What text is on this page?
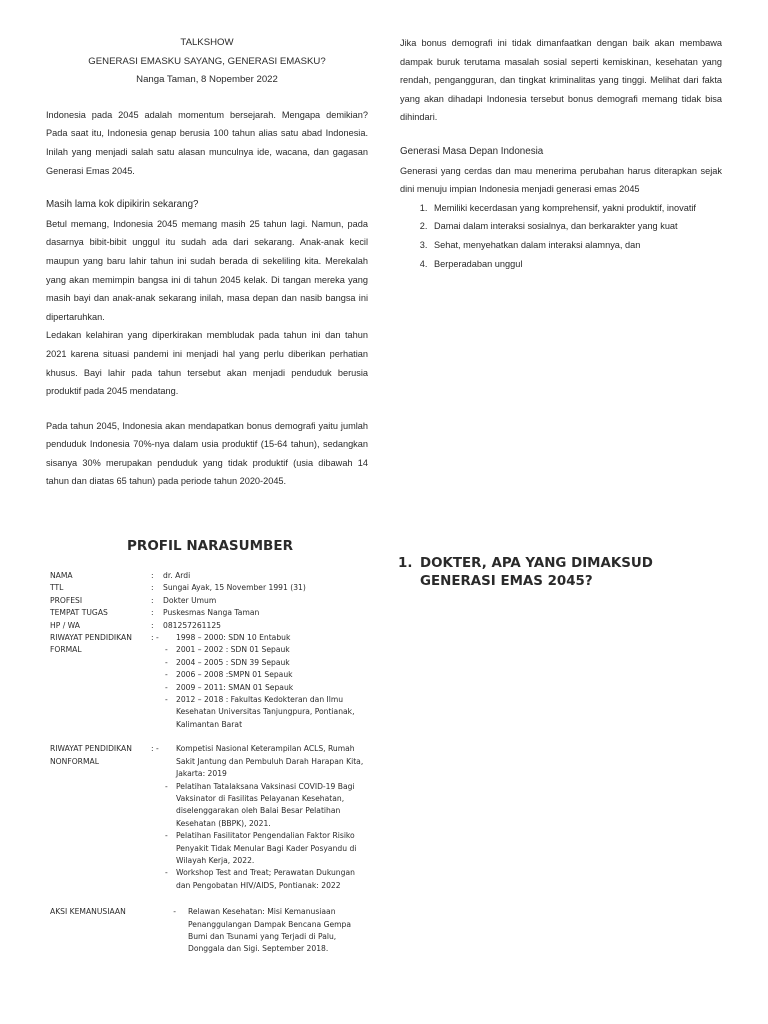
TALKSHOW

GENERASI EMASKU SAYANG, GENERASI EMASKU?

Nanga Taman, 8 Nopember 2022

Indonesia pada 2045 adalah momentum bersejarah. Mengapa demikian? Pada saat itu, Indonesia genap berusia 100 tahun alias satu abad Indonesia. Inilah yang menjadi salah satu alasan munculnya ide, wacana, dan gagasan Generasi Emas 2045.

Masih lama kok dipikirin sekarang?

Betul memang, Indonesia 2045 memang masih 25 tahun lagi. Namun, pada dasarnya bibit-bibit unggul itu sudah ada dari sekarang. Anak-anak kecil maupun yang baru lahir tahun ini sudah berada di sekeliling kita. Merekalah yang akan memimpin bangsa ini di tahun 2045 kelak. Di tangan mereka yang masih bayi dan anak-anak sekarang inilah, masa depan dan nasib bangsa ini dipertaruhkan.

Ledakan kelahiran yang diperkirakan membludak pada tahun ini dan tahun 2021 karena situasi pandemi ini menjadi hal yang perlu diberikan perhatian khusus. Bayi lahir pada tahun tersebut akan menjadi penduduk berusia produktif pada 2045 mendatang.

Pada tahun 2045, Indonesia akan mendapatkan bonus demografi yaitu jumlah penduduk Indonesia 70%-nya dalam usia produktif (15-64 tahun), sedangkan sisanya 30% merupakan penduduk yang tidak produktif (usia dibawah 14 tahun dan diatas 65 tahun) pada periode tahun 2020-2045.

Jika bonus demografi ini tidak dimanfaatkan dengan baik akan membawa dampak buruk terutama masalah sosial seperti kemiskinan, kesehatan yang rendah, pengangguran, dan tingkat kriminalitas yang tinggi. Melihat dari fakta yang akan dihadapi Indonesia tersebut bonus demografi memang tidak bisa dihindari.

Generasi Masa Depan Indonesia

Generasi yang cerdas dan mau menerima perubahan harus diterapkan sejak dini menuju impian Indonesia menjadi generasi emas 2045

1. Memiliki kecerdasan yang komprehensif, yakni produktif, inovatif
2. Damai dalam interaksi sosialnya, dan berkarakter yang kuat
3. Sehat, menyehatkan dalam interaksi alamnya, dan
4. Berperadaban unggul

PROFIL NARASUMBER

NAMA	:	dr. Ardi
TTL	:	Sungai Ayak, 15 November 1991 (31)
PROFESI	:	Dokter Umum
TEMPAT TUGAS	:	Puskesmas Nanga Taman
HP / WA	:	081257261125
RIWAYAT PENDIDIKAN
FORMAL
: -	1998 – 2000: SDN 10 Entabuk
- 2001 – 2002 : SDN 01 Sepauk
- 2004 – 2005 : SDN 39 Sepauk
- 2006 – 2008 :SMPN 01 Sepauk
- 2009 – 2011: SMAN 01 Sepauk
- 2012 – 2018 : Fakultas Kedokteran dan Ilmu Kesehatan Universitas Tanjungpura, Pontianak, Kalimantan Barat
RIWAYAT PENDIDIKAN
NONFORMAL
: -	Kompetisi Nasional Keterampilan ACLS, Rumah Sakit Jantung dan Pembuluh Darah Harapan Kita, Jakarta: 2019
- Pelatihan Tatalaksana Vaksinasi COVID-19 Bagi Vaksinator di Fasilitas Pelayanan Kesehatan, diselenggarakan oleh Balai Besar Pelatihan Kesehatan (BBPK), 2021.
- Pelatihan Fasilitator Pengendalian Faktor Risiko Penyakit Tidak Menular Bagi Kader Posyandu di Wilayah Kerja, 2022.
- Workshop Test and Treat; Perawatan Dukungan dan Pengobatan HIV/AIDS, Pontianak: 2022
AKSI KEMANUSIAAN	-	Relawan Kesehatan: Misi Kemanusiaan Penanggulangan Dampak Bencana Gempa Bumi dan Tsunami yang Terjadi di Palu, Donggala dan Sigi. September 2018.
1. DOKTER, APA YANG DIMAKSUD GENERASI EMAS 2045?
